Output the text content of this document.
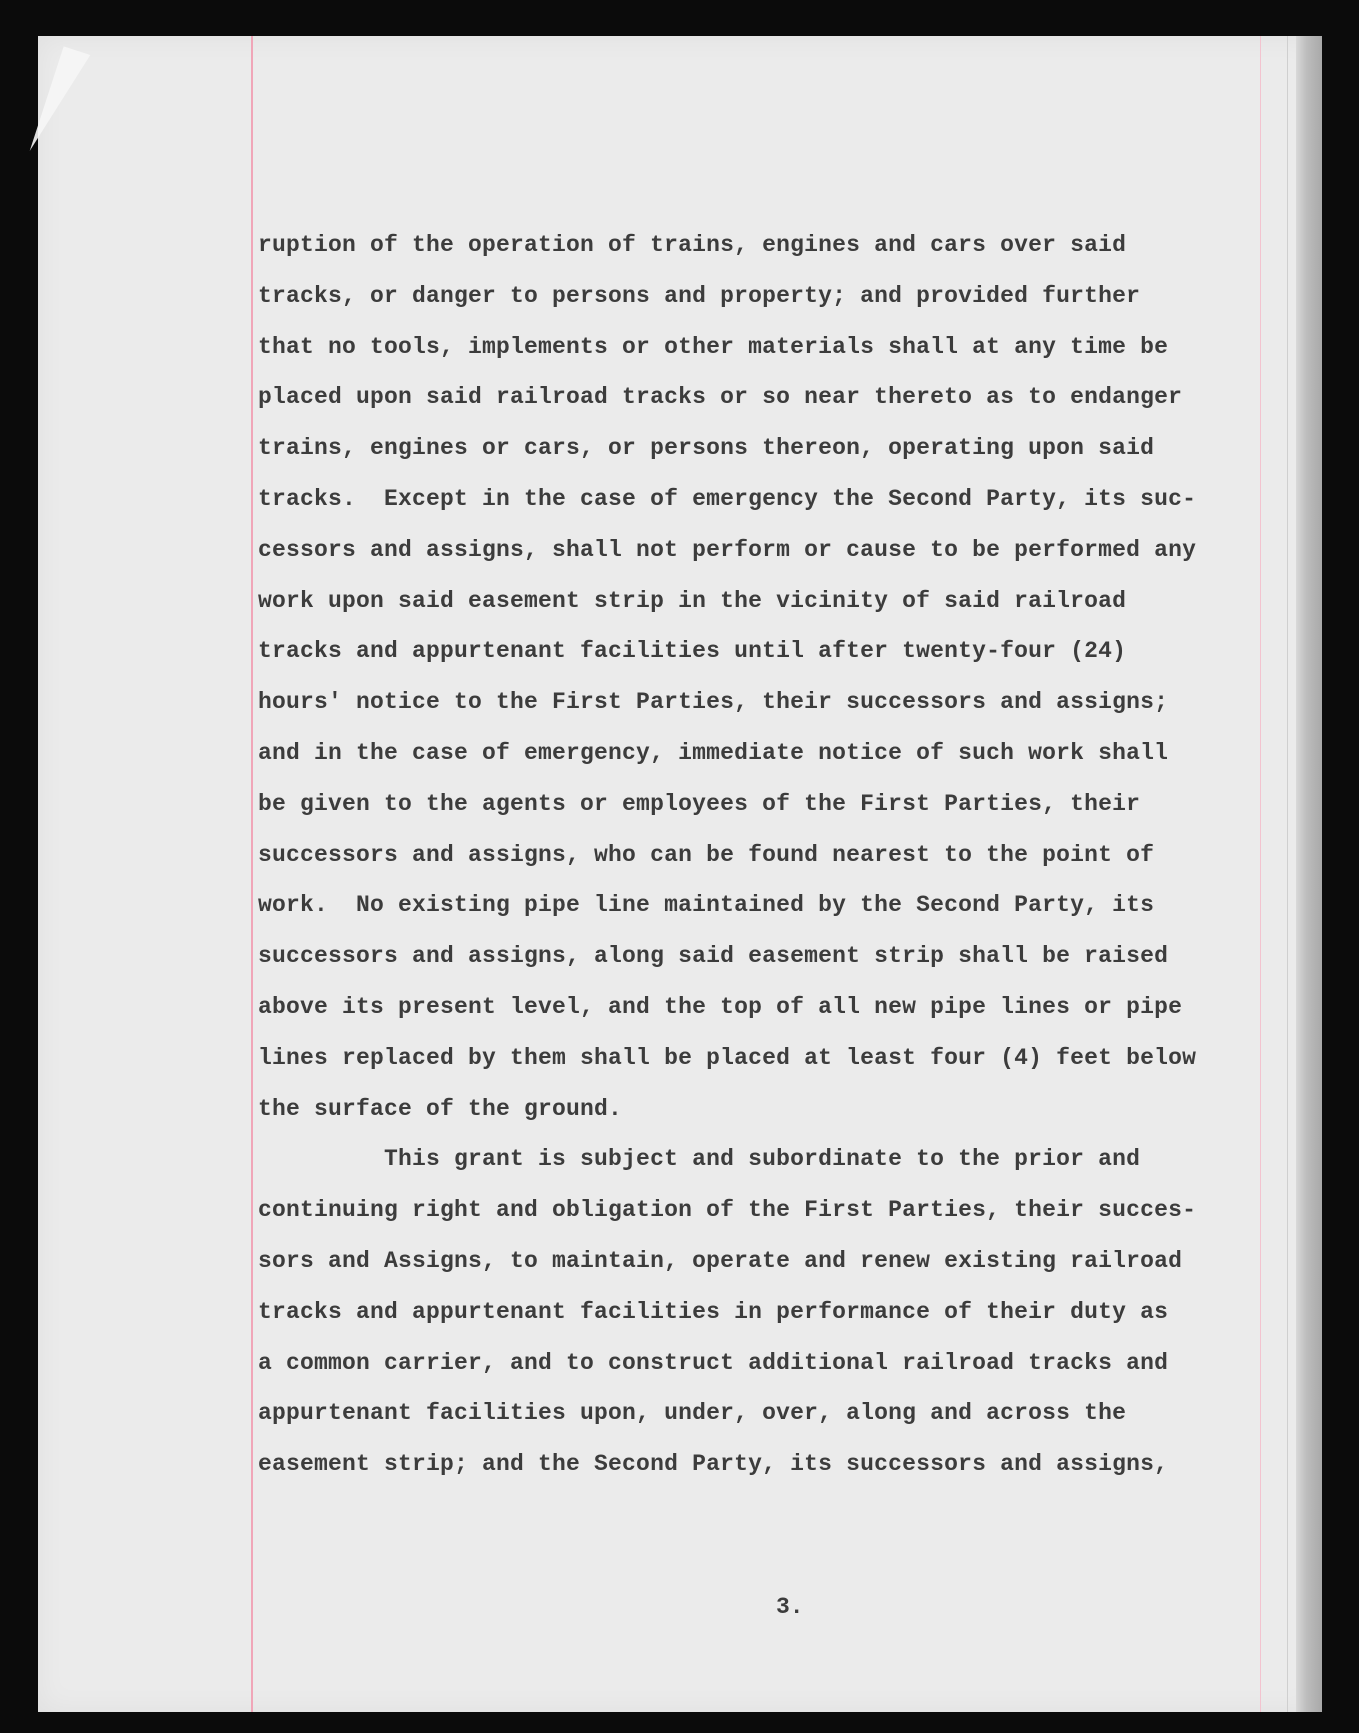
ruption of the operation of trains, engines and cars over said
tracks, or danger to persons and property; and provided further
that no tools, implements or other materials shall at any time be
placed upon said railroad tracks or so near thereto as to endanger
trains, engines or cars, or persons thereon, operating upon said
tracks.  Except in the case of emergency the Second Party, its suc-
cessors and assigns, shall not perform or cause to be performed any
work upon said easement strip in the vicinity of said railroad
tracks and appurtenant facilities until after twenty-four (24)
hours' notice to the First Parties, their successors and assigns;
and in the case of emergency, immediate notice of such work shall
be given to the agents or employees of the First Parties, their
successors and assigns, who can be found nearest to the point of
work.  No existing pipe line maintained by the Second Party, its
successors and assigns, along said easement strip shall be raised
above its present level, and the top of all new pipe lines or pipe
lines replaced by them shall be placed at least four (4) feet below
the surface of the ground.
This grant is subject and subordinate to the prior and
continuing right and obligation of the First Parties, their succes-
sors and Assigns, to maintain, operate and renew existing railroad
tracks and appurtenant facilities in performance of their duty as
a common carrier, and to construct additional railroad tracks and
appurtenant facilities upon, under, over, along and across the
easement strip; and the Second Party, its successors and assigns,
3.
